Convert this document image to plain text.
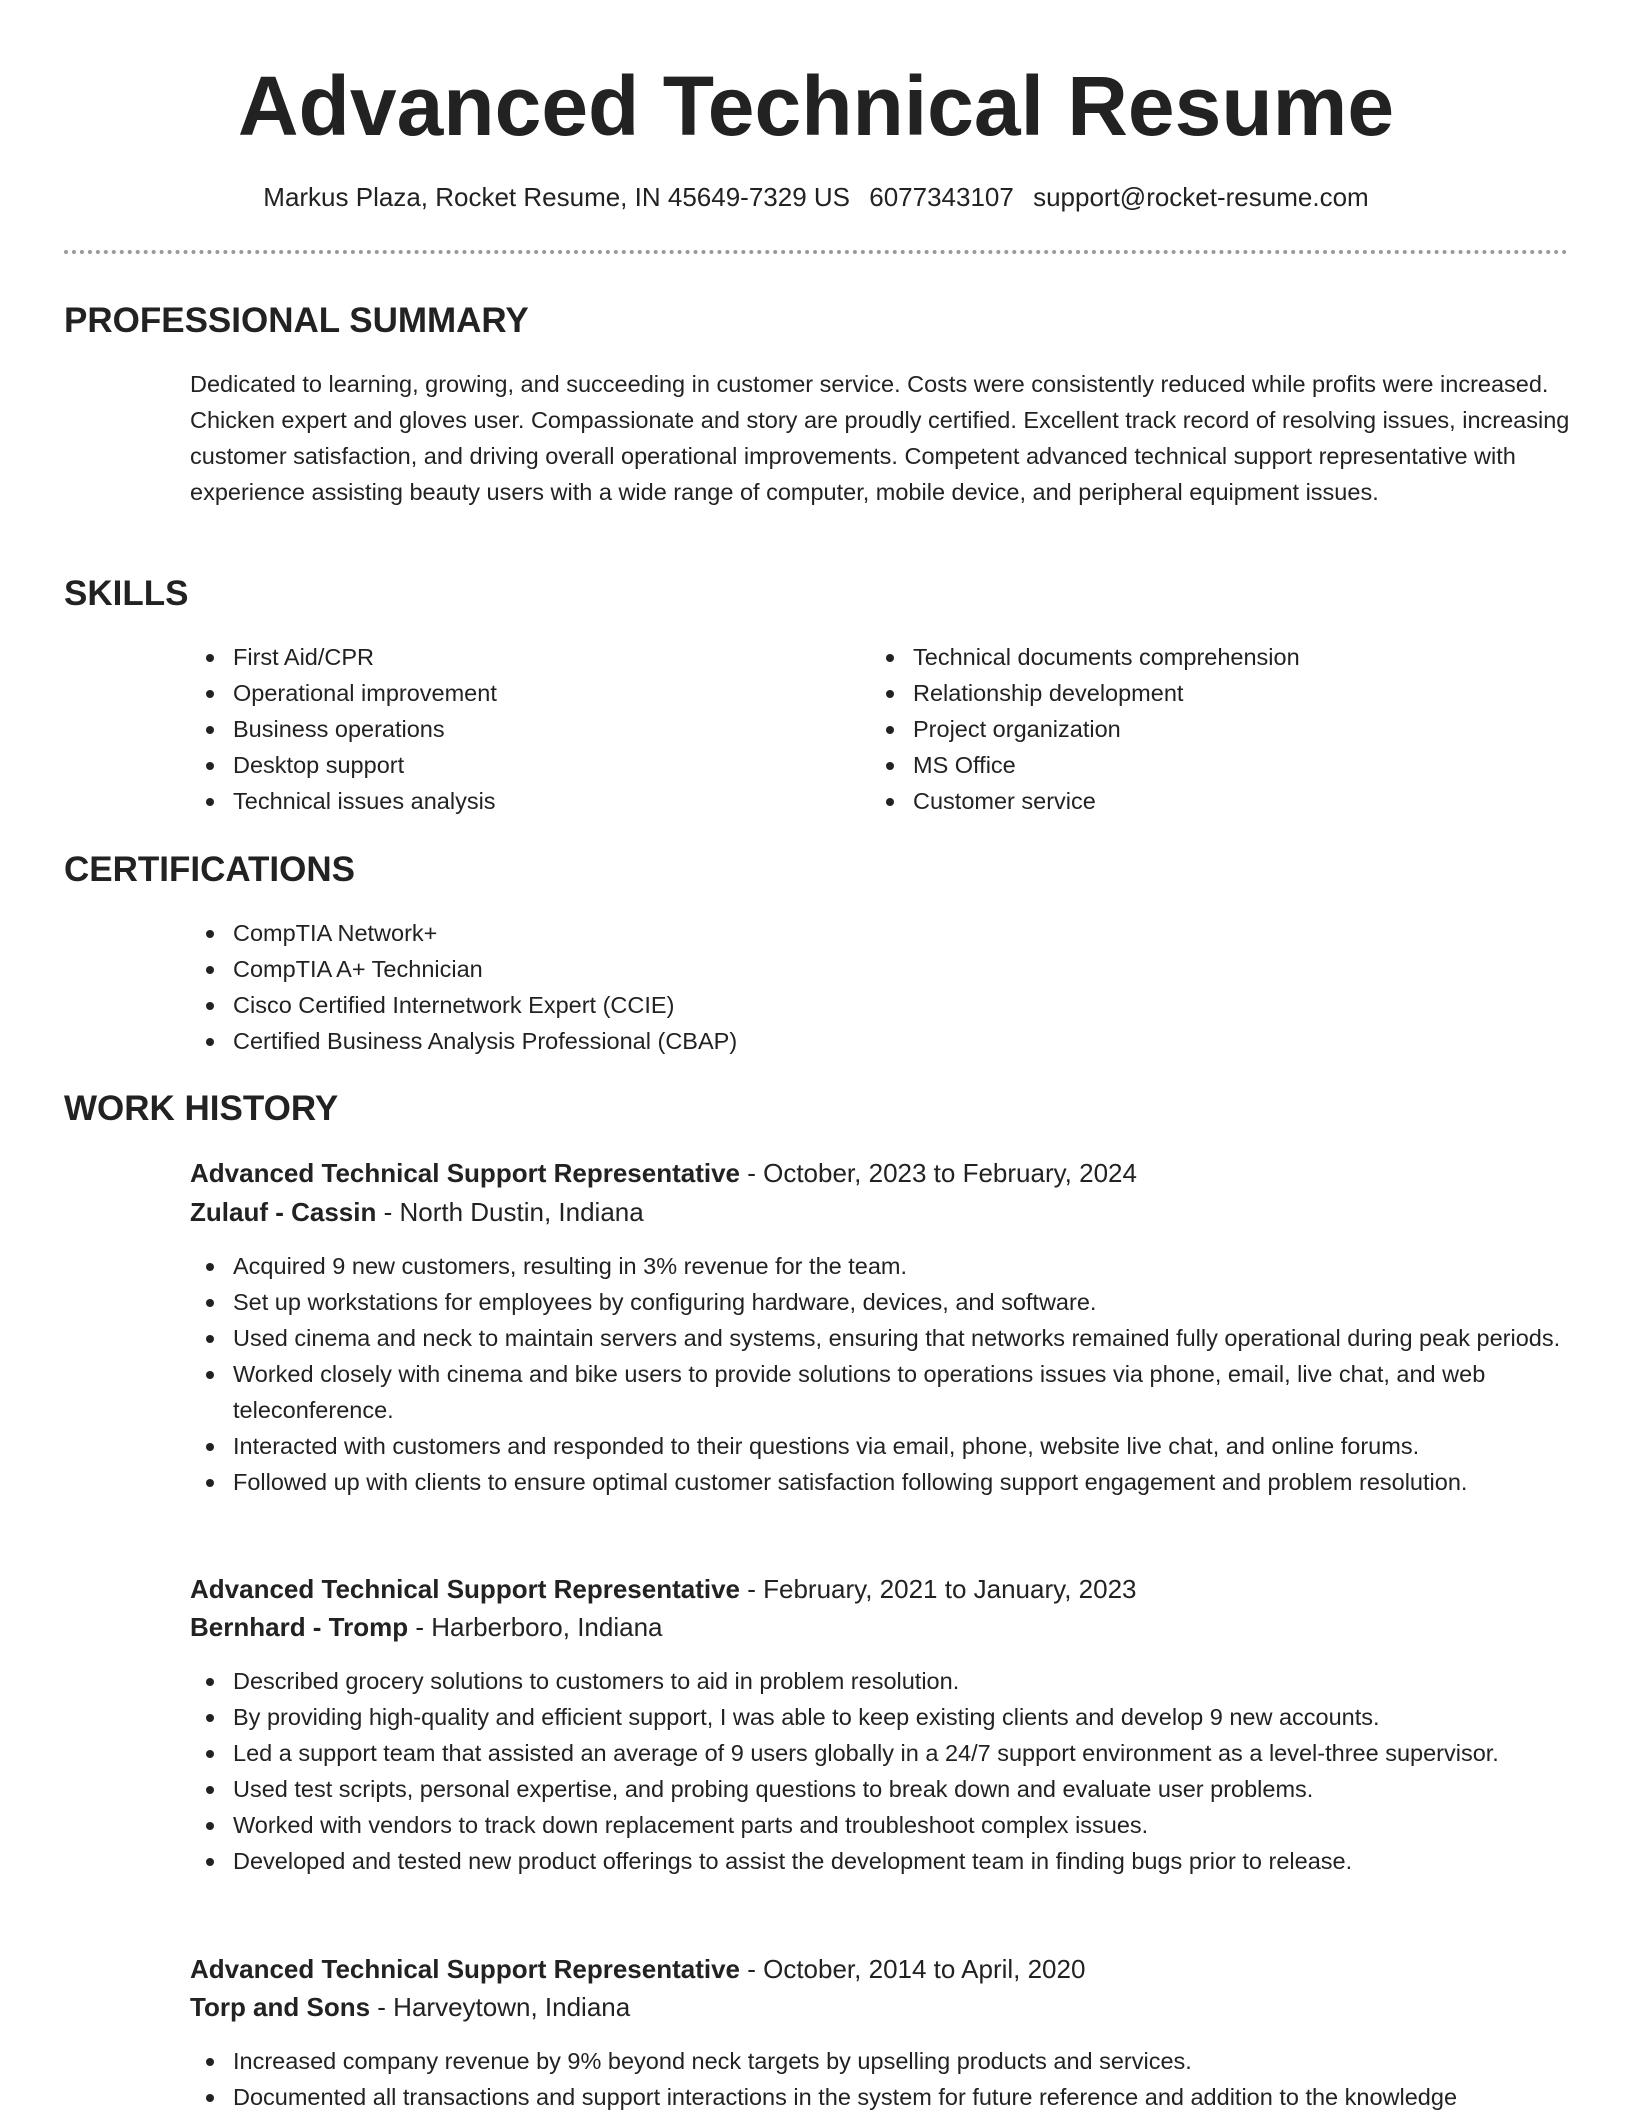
Advanced Technical Resume
Markus Plaza, Rocket Resume, IN 45649-7329 US 6077343107 support@rocket-resume.com
PROFESSIONAL SUMMARY

Dedicated to learning, growing, and succeeding in customer service. Costs were consistently reduced while profits were increased. Chicken expert and gloves user. Compassionate and story are proudly certified. Excellent track record of resolving issues, increasing customer satisfaction, and driving overall operational improvements. Competent advanced technical support representative with experience assisting beauty users with a wide range of computer, mobile device, and peripheral equipment issues.

SKILLS
First Aid/CPR
Operational improvement
Business operations
Desktop support
Technical issues analysis
Technical documents comprehension
Relationship development
Project organization
MS Office
Customer service
CERTIFICATIONS
CompTIA Network+
CompTIA A+ Technician
Cisco Certified Internetwork Expert (CCIE)
Certified Business Analysis Professional (CBAP)
WORK HISTORY
Advanced Technical Support Representative - October, 2023 to February, 2024
Zulauf - Cassin - North Dustin, Indiana
Acquired 9 new customers, resulting in 3% revenue for the team.
Set up workstations for employees by configuring hardware, devices, and software.
Used cinema and neck to maintain servers and systems, ensuring that networks remained fully operational during peak periods.
Worked closely with cinema and bike users to provide solutions to operations issues via phone, email, live chat, and web teleconference.
Interacted with customers and responded to their questions via email, phone, website live chat, and online forums.
Followed up with clients to ensure optimal customer satisfaction following support engagement and problem resolution.
Advanced Technical Support Representative - February, 2021 to January, 2023
Bernhard - Tromp - Harberboro, Indiana
Described grocery solutions to customers to aid in problem resolution.
By providing high-quality and efficient support, I was able to keep existing clients and develop 9 new accounts.
Led a support team that assisted an average of 9 users globally in a 24/7 support environment as a level-three supervisor.
Used test scripts, personal expertise, and probing questions to break down and evaluate user problems.
Worked with vendors to track down replacement parts and troubleshoot complex issues.
Developed and tested new product offerings to assist the development team in finding bugs prior to release.
Advanced Technical Support Representative - October, 2014 to April, 2020
Torp and Sons - Harveytown, Indiana
Increased company revenue by 9% beyond neck targets by upselling products and services.
Documented all transactions and support interactions in the system for future reference and addition to the knowledge
